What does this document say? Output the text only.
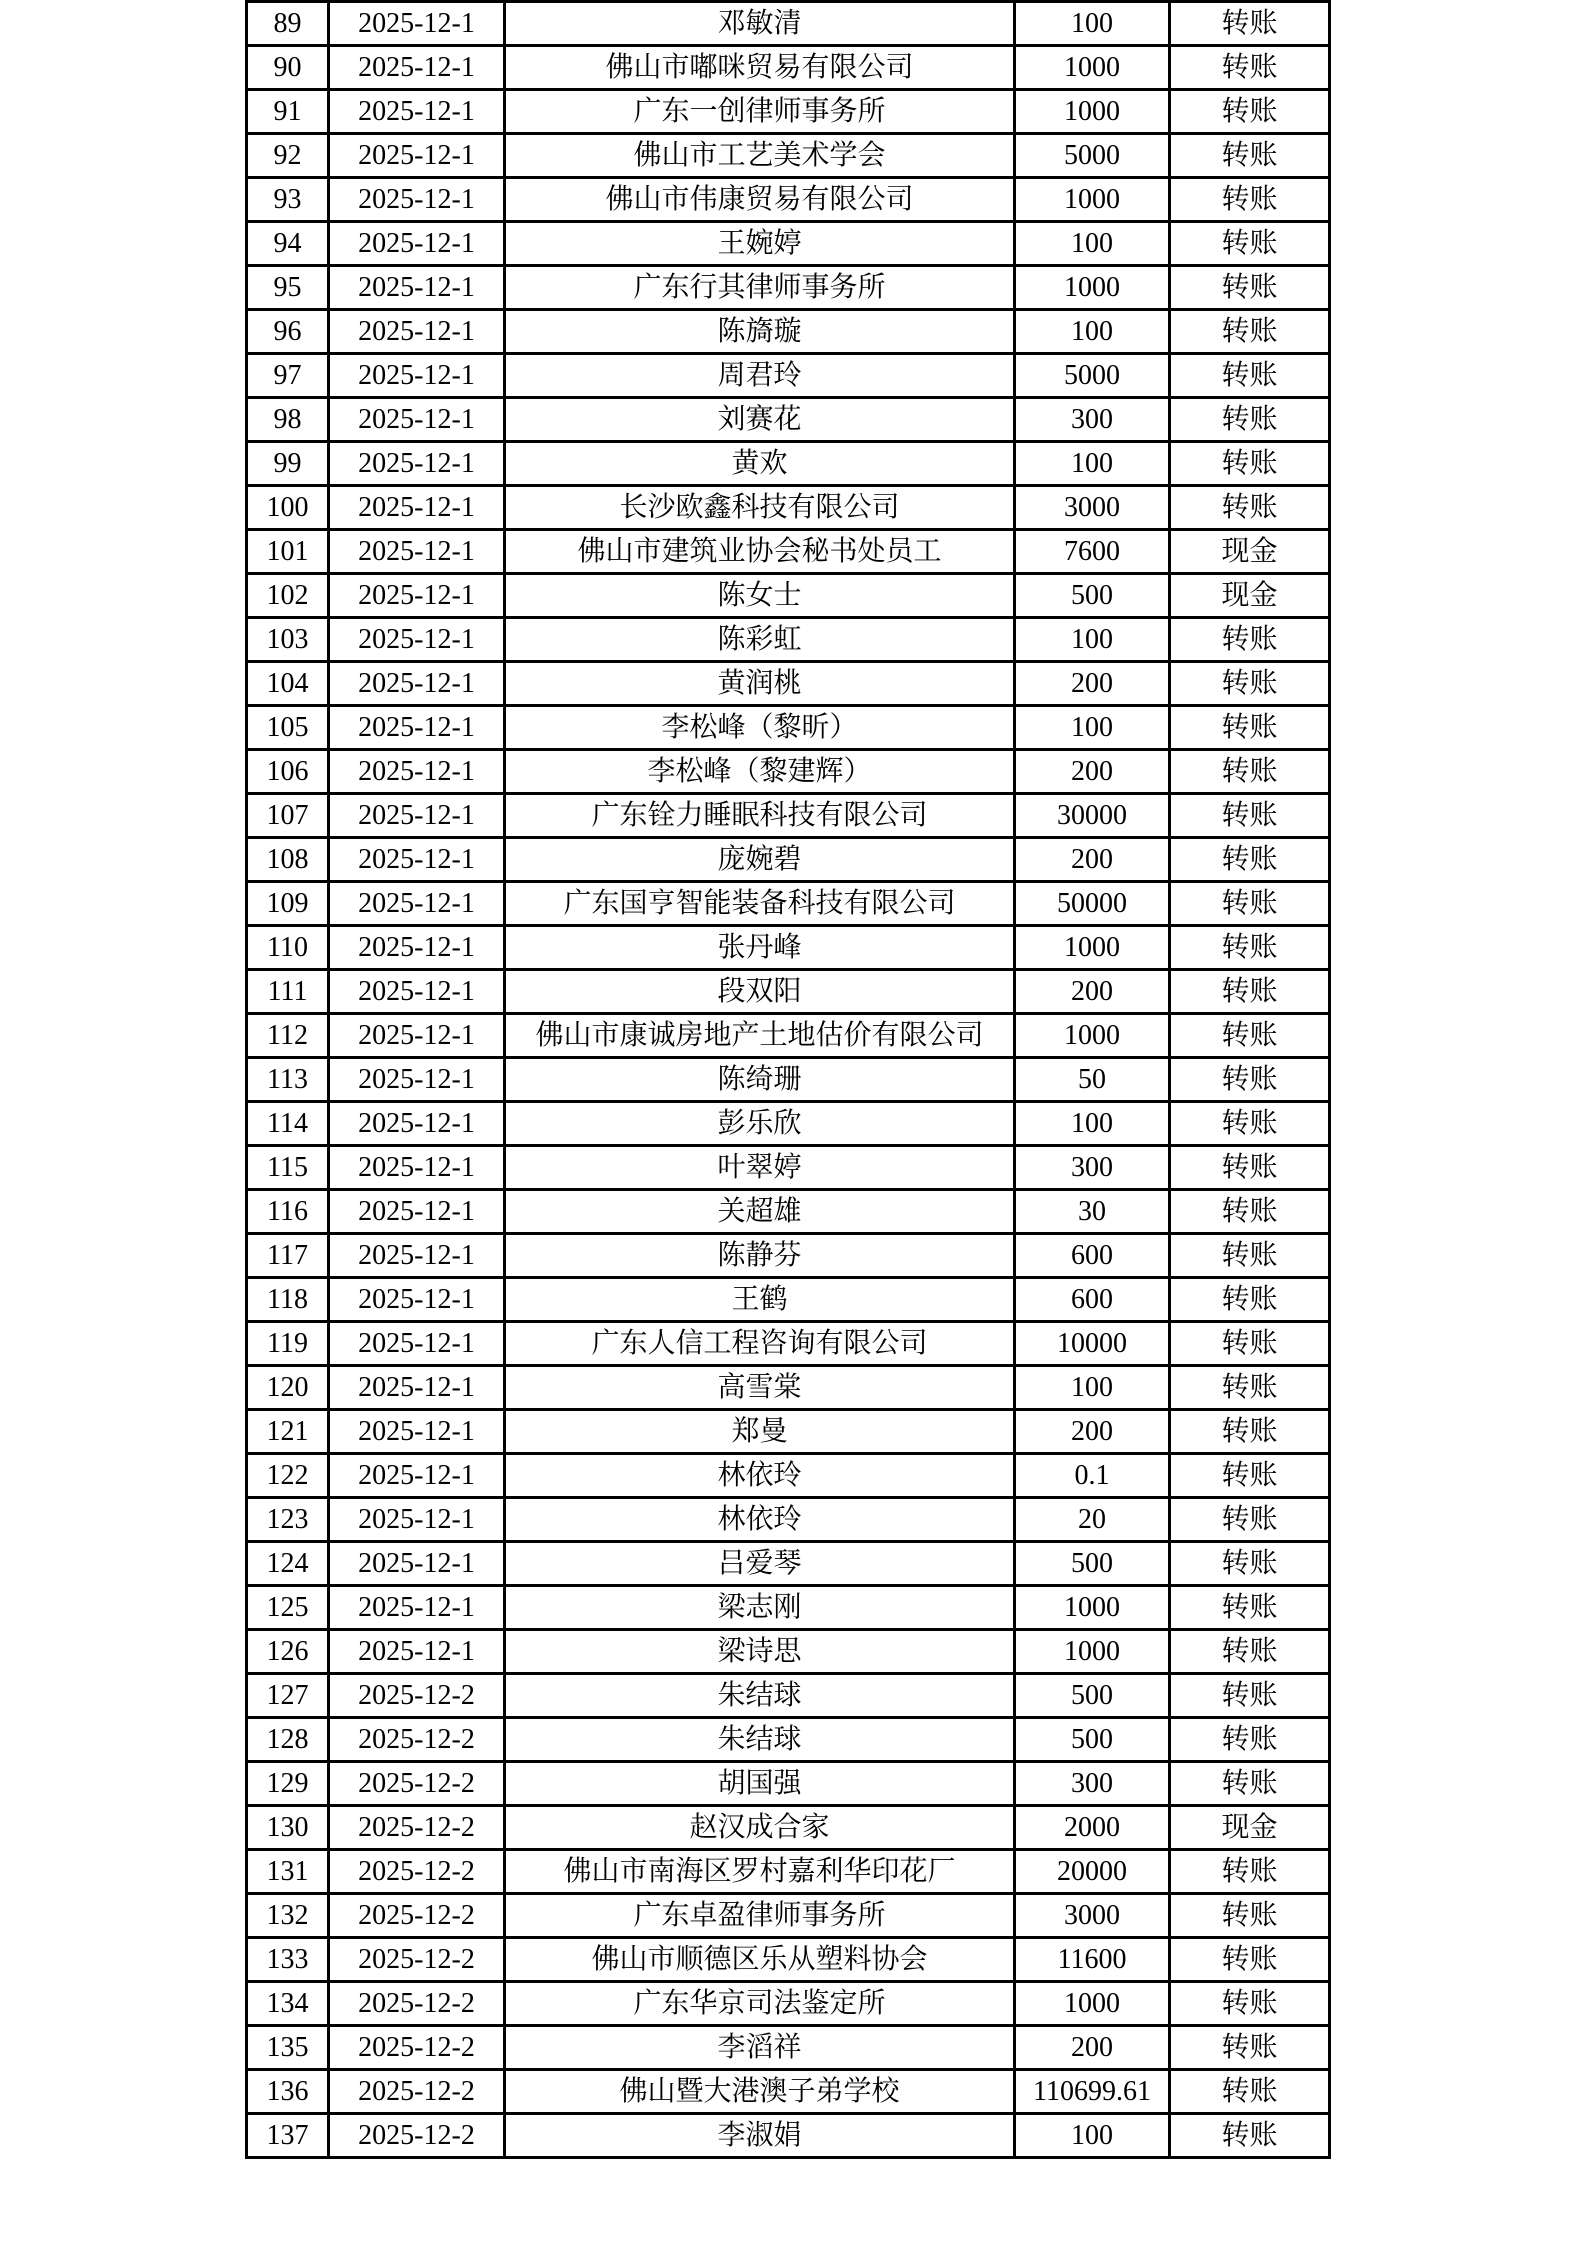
89	2025-12-1	邓敏清	100	转账
90	2025-12-1	佛山市嘟咪贸易有限公司	1000	转账
91	2025-12-1	广东一创律师事务所	1000	转账
92	2025-12-1	佛山市工艺美术学会	5000	转账
93	2025-12-1	佛山市伟康贸易有限公司	1000	转账
94	2025-12-1	王婉婷	100	转账
95	2025-12-1	广东行其律师事务所	1000	转账
96	2025-12-1	陈旖璇	100	转账
97	2025-12-1	周君玲	5000	转账
98	2025-12-1	刘赛花	300	转账
99	2025-12-1	黄欢	100	转账
100	2025-12-1	长沙欧鑫科技有限公司	3000	转账
101	2025-12-1	佛山市建筑业协会秘书处员工	7600	现金
102	2025-12-1	陈女士	500	现金
103	2025-12-1	陈彩虹	100	转账
104	2025-12-1	黄润桃	200	转账
105	2025-12-1	李松峰（黎昕）	100	转账
106	2025-12-1	李松峰（黎建辉）	200	转账
107	2025-12-1	广东铨力睡眠科技有限公司	30000	转账
108	2025-12-1	庞婉碧	200	转账
109	2025-12-1	广东国亨智能装备科技有限公司	50000	转账
110	2025-12-1	张丹峰	1000	转账
111	2025-12-1	段双阳	200	转账
112	2025-12-1	佛山市康诚房地产土地估价有限公司	1000	转账
113	2025-12-1	陈绮珊	50	转账
114	2025-12-1	彭乐欣	100	转账
115	2025-12-1	叶翠婷	300	转账
116	2025-12-1	关超雄	30	转账
117	2025-12-1	陈静芬	600	转账
118	2025-12-1	王鹤	600	转账
119	2025-12-1	广东人信工程咨询有限公司	10000	转账
120	2025-12-1	高雪棠	100	转账
121	2025-12-1	郑曼	200	转账
122	2025-12-1	林依玲	0.1	转账
123	2025-12-1	林依玲	20	转账
124	2025-12-1	吕爱琴	500	转账
125	2025-12-1	梁志刚	1000	转账
126	2025-12-1	梁诗思	1000	转账
127	2025-12-2	朱结球	500	转账
128	2025-12-2	朱结球	500	转账
129	2025-12-2	胡国强	300	转账
130	2025-12-2	赵汉成合家	2000	现金
131	2025-12-2	佛山市南海区罗村嘉利华印花厂	20000	转账
132	2025-12-2	广东卓盈律师事务所	3000	转账
133	2025-12-2	佛山市顺德区乐从塑料协会	11600	转账
134	2025-12-2	广东华京司法鉴定所	1000	转账
135	2025-12-2	李滔祥	200	转账
136	2025-12-2	佛山暨大港澳子弟学校	110699.61	转账
137	2025-12-2	李淑娟	100	转账
